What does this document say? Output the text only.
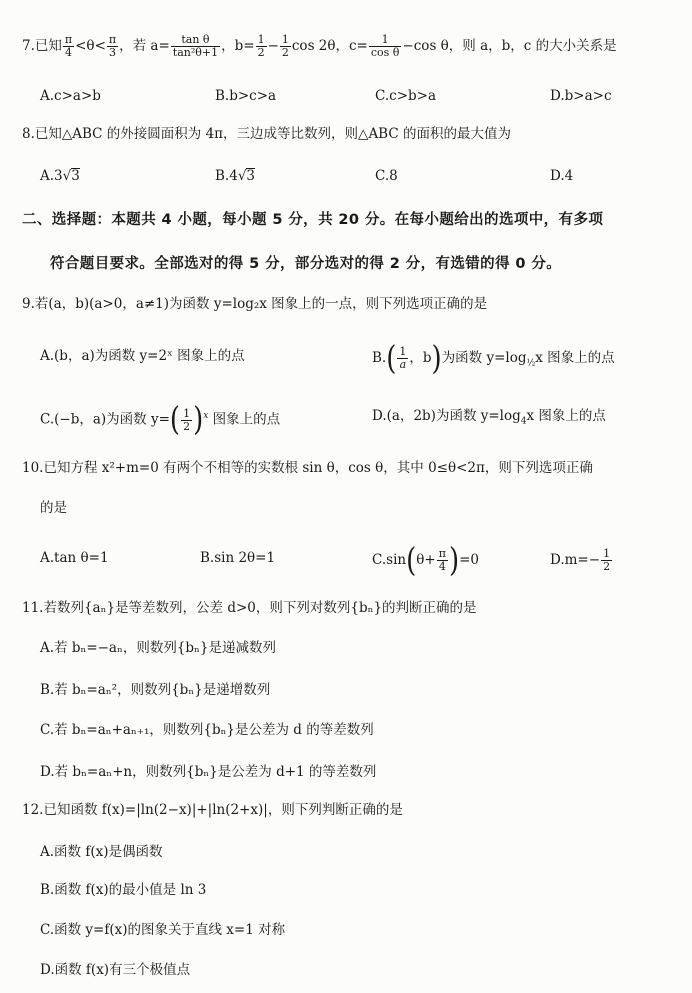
7.已知 $\frac{\pi}{4} <\theta< \frac{\pi}{3}$ ，若 $a= \frac{\text{tan θ}}{\text{tan²θ+1}}$ ，$b= \frac{1}{2} - \frac{1}{2}$ cos 2θ，$c= \frac{1}{\text{cos θ}} -\cos$ θ，则 a，b，c 的大小关系是
A.c>a>b	B.b>c>a	C.c>b>a	D.b>a>c
8.已知△ABC 的外接圆面积为 4π，三边成等比数列，则△ABC 的面积的最大值为
A.3√3	B.4√3	C.8	D.4
二、选择题：本题共 4 小题，每小题 5 分，共 20 分。在每小题给出的选项中，有多项
符合题目要求。全部选对的得 5 分，部分选对的得 2 分，有选错的得 0 分。
9.若(a，b)(a>0，a≠1)为函数 y=log₂x 图象上的一点，则下列选项正确的是
A.(b，a)为函数 y=2ˣ 图象上的点	$B.( \frac{1}{a}$ ，b)为函数 $y=\log_{\frac{1}{2}}x$ 图象上的点
C.(−b，a)为函数 $y=( \frac{1}{2} )^x$ 图象上的点	D.(a，2b)为函数 $y=\log_4x$ 图象上的点
10.已知方程 x²+m=0 有两个不相等的实数根 sin θ，cos θ，其中 0≤θ<2π，则下列选项正确
的是
A.tan θ=1	B.sin 2θ=1	$C.\sin(\theta+ \frac{\pi}{4} )=0$	$D.m=- \frac{1}{2}$
11.若数列{aₙ}是等差数列，公差 d>0，则下列对数列{bₙ}的判断正确的是
A.若 bₙ=−aₙ，则数列{bₙ}是递减数列
B.若 bₙ=aₙ²，则数列{bₙ}是递增数列
C.若 bₙ=aₙ+aₙ₊₁，则数列{bₙ}是公差为 d 的等差数列
D.若 bₙ=aₙ+n，则数列{bₙ}是公差为 d+1 的等差数列
12.已知函数 f(x)=|ln(2−x)|+|ln(2+x)|，则下列判断正确的是
A.函数 f(x)是偶函数
B.函数 f(x)的最小值是 ln 3
C.函数 y=f(x)的图象关于直线 x=1 对称
D.函数 f(x)有三个极值点
